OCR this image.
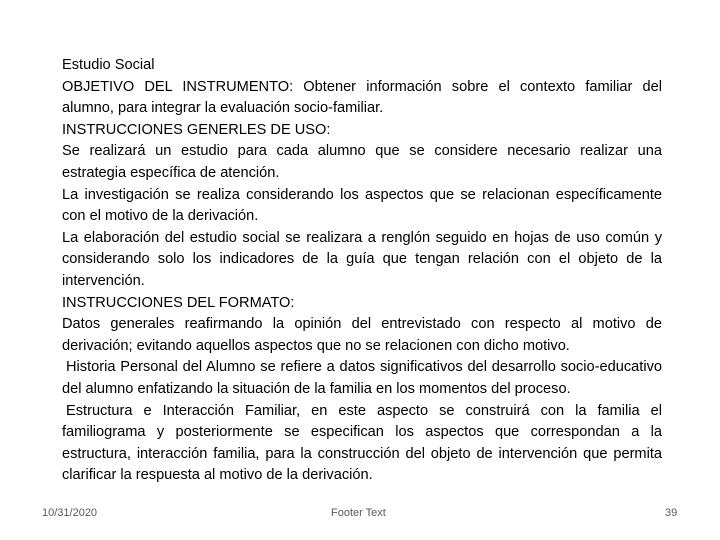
Estudio Social

OBJETIVO DEL INSTRUMENTO: Obtener información sobre el contexto familiar del alumno, para integrar la evaluación socio-familiar.

INSTRUCCIONES GENERLES DE USO:

Se realizará un estudio para cada alumno que se considere necesario realizar una estrategia específica de atención.

La investigación se realiza considerando los aspectos que se relacionan específicamente con el motivo de la derivación.

La elaboración del estudio social se realizara a renglón seguido en hojas de uso común y considerando solo los indicadores de la guía que tengan relación con el objeto de la intervención.

INSTRUCCIONES DEL FORMATO:

Datos generales reafirmando la opinión del entrevistado con respecto al motivo de derivación; evitando aquellos aspectos que no se relacionen con dicho motivo.

Historia Personal del Alumno se refiere a datos significativos del desarrollo socio-educativo del alumno enfatizando la situación de la familia en los momentos del proceso.

Estructura e Interacción Familiar, en este aspecto se construirá con la familia el familiograma y posteriormente se especifican los aspectos que correspondan a la estructura, interacción familia, para la construcción del objeto de intervención que permita clarificar la respuesta al motivo de la derivación.

10/31/2020	Footer Text	39
